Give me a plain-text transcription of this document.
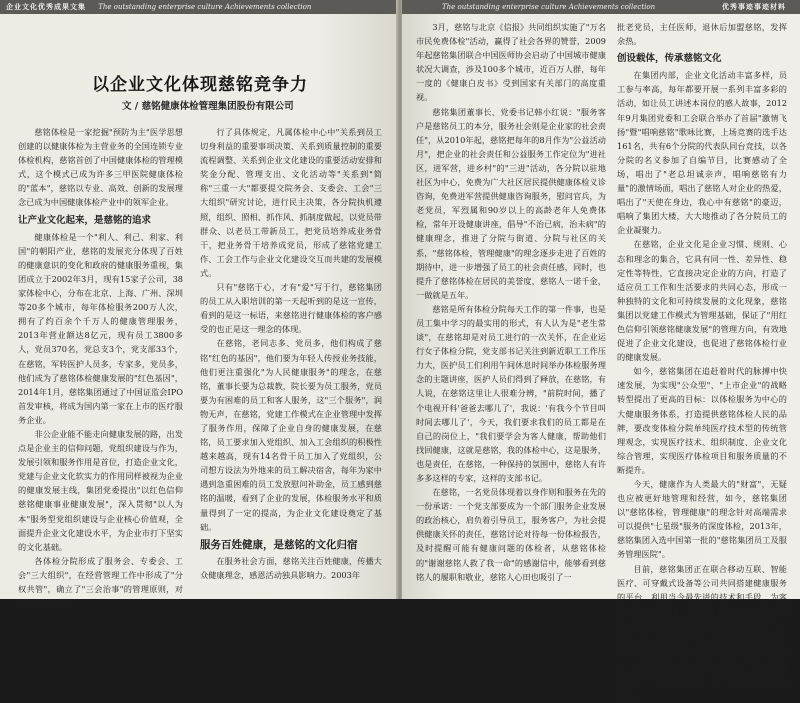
企业文化优秀成果文集 The outstanding enterprise culture Achievements collection
以企业文化体现慈铭竞争力
文 / 慈铭健康体检管理集团股份有限公司

慈铭体检是一家挖掘"预防为主"医学思想创建的以健康体检为主营业务的全国连锁专业体检机构，慈铭首创了中国健康体检的管理模式，这个模式已成为许多三甲医院健康体检的"蓝本"，慈铭以专业、高效、创新的发展理念已成为中国健康体检产业中的领军企业。

让产业文化起来，是慈铭的追求

健康体检是一个"利人、利己、利家、利国"的朝阳产业，慈铭的发展充分体现了百姓的健康意识的变化和政府的健康服务重视，集团成立于2002年3月，现有15家子公司，38家体检中心，分布在北京、上海、广州、深圳等20多个城市，每年体检服务200万人次，拥有了约百余个千万人的健康管理服务，2013年营业额达8亿元，现有员工3800多人，党员370名，党总支3个，党支部33个，在慈铭，军转医护人员多，专家多，党员多，他们成为了慈铭体检健康发展的"红色基因"，2014年1月，慈铭集团通过了中国证监会IPO首发审核，将成为国内第一家在上市的医疗服务企业。

非公企业能不能走向健康发展的路，出发点是企业主的信仰问题，党组织建设与作为，发展引领和服务作用是首位，打造企业文化，党建与企业文化软实力的作用同样被视为企业的健康发展主线，集团党委提出"以红色信仰慈铭健康事业健康发展"，深入贯彻"以人为本"服务型党组织建设与企业核心价值观，全面提升企业文化建设水平，为企业市打下坚实的文化基础。

各体检分院形成了服务会、专委会、工会"三大组织"，在经营管理工作中形成了"分权共管"，确立了"三会治事"的管理原则，对管理的有义进

行了具体规定，凡属体检中心中"关系到员工切身利益的重要事项决策、关系到质量控制的重要流程调整、关系到企业文化建设的重要活动安排和奖金分配、管理支出、文化活动等"关系到"简称"三重一大"都要提交院务会、支委会、工会"三大组织"研究讨论，进行民主决策，各分院执机遵照，组织、照相、抓作风、抓制度做起，以党员带群众、以老员工带新员工，把党员培养成业务骨干，把业务骨干培养成党员，形成了慈铭党建工作、工会工作与企业文化建设交互而共建的发展模式。

只有"慈铭于心，才有"爱"写于行，慈铭集团的员工从入职培训的第一天起听到的是这一宣传，看到的是这一标语，来慈铭进行健康体检的客户感受的也正是这一理念的体现。

在慈铭，老同志多、党员多，他们构成了慈铭"红色的基因"，他们要为年轻人传授业务技能，他们更注重强化"为人民健康服务"的理念，在慈铭，董事长要为总裁教，院长要为员工服务，党员要为有困难的员工和客人服务，这"三个服务"，润物无声，在慈铭，党建工作模式在企业管理中发挥了服务作用，保障了企业自身的健康发展，在慈铭，员工要求加入党组织、加入工会组织的积极性越来越高，现有14名骨干员工加入了党组织，公司想方设法为外地来的员工解决宿舍，每年为家中遇到急重困难的员工发放慰问补助金，员工感到慈铭的温暖，看到了企业的发展，体检服务水平和质量得到了一定的提高，为企业文化建设奠定了基础。

服务百姓健康，是慈铭的文化归宿

在服务社会方面，慈铭关注百姓健康，传播大众健康理念，感恩活动独具影响力。2003年

The outstanding enterprise culture Achievements collection	优秀事迹事迹材料

3月，慈铭与北京《信报》共同组织实施了"万名市民免费体检"活动，赢得了社会各界的赞誉，2009年起慈铭集团联合中国医师协会启动了中国城市健康状况大调查，涉及100多个城市，近百万人群，每年一度的《健康白皮书》受到国家有关部门的高度重视。

慈铭集团董事长、党委书记韩小红说："服务客户是慈铭员工的本分，服务社会则是企业家的社会责任"，从2010年起，慈铭把每年的8月作为"公益活动月"，把企业的社会责任和公益服务工作定位为"进社区，进军营，进乡村"的"三进"活动，各分院以驻地社区为中心，免费为广大社区居民提供健康体检义诊咨询，免费进军营提供健康咨询服务，慰问官兵，为老党员，军烈属和90岁以上的高龄老年人免费体检，常年开设健康讲座，倡导"不治已病，治未病"的健康理念，推进了分院与街道、分院与社区的关系，"慈铭体检，管理健康"的理念逐步走进了百姓的期待中，进一步增强了员工的社会责任感，同时，也提升了慈铭体检在居民的美誉度，慈铭人一诺千金，一做就是五年。

慈铭是所有体检分院每天工作的第一件事，也是员工集中学习的最实用的形式，有人认为是"老生常谈"，在慈铭却是对员工进行的一次关怀，在企业运行女子体检分院，党支部书记关注到新近职工工作压力大，医护员工们利用午间休息时间举办体检服务理念的主题讲座，医护人员们得到了释放，在慈铭，有人说，在慈铭这里让人很难分辨，"前院时间，播了个电视开科'爸爸去哪儿了'，我说：'有我今个节目叫时间去哪儿了'，今天，我们要求我们的员工都是在自己的岗位上，"我们要学会为客人健康，帮助他们找回健康，这就是慈铭，我的体检中心，这是服务，也是责任，在慈铭，一种保持的氛围中，慈铭人有许多多这样的专家，这样的支部书记。

在慈铭，一名党员体现着以身作则和服务在先的一份承诺：一个党支部要成为一个部门服务企业发展的政治核心，肩负着引导员工，服务客户，为社会提供健康关怀的责任，慈铭讨论对待每一份体检报告，及时提醒可能有健康问题的体检者，从慈铭体检的"谢谢慈铭人救了我一命"的感谢信中，能够看到慈铭人的履职和敬业，慈铭人心田也吸引了一

批老党员，主任医师，退休后加盟慈铭，发挥余热。

创设载体，传承慈铭文化

在集团内部，企业文化活动丰富多样，员工参与率高，每年都要开展一系列丰富多彩的活动，如让员工讲述本岗位的感人故事，2012年9月集团党委和工会联合举办了首届"激情飞扬"暨"唱响慈铭"歌咏比赛，上场竞赛的选手达161名，共有6个分院的代表队同台竞技，以各分院的名义参加了自编节目，比赛感动了全场，唱出了"老总坦诚亲声，唱响慈铭有力量"的激情场面，唱出了慈铭人对企业的热爱，唱出了"天使在身边，我心中有慈铭"的豪迈，唱响了集团大楼，大大地推动了各分院员工的企业凝聚力。

在慈铭，企业文化是企业习惯、规则、心态和理念的集合，它具有同一性、差异性、稳定性等特性，它直接决定企业的方向，打造了适应员工工作和生活要求的共同心态，形成一种独特的文化和可持续发展的文化现象，慈铭集团以党建工作模式为管理基础，保证了"用红色信仰引领慈铭健康发展"的管理方向，有效地促进了企业文化建设，也促进了慈铭体检行业的健康发展。

如今，慈铭集团在追赶着时代的脉搏中快速发展，为实现"公众型"、"上市企业"的战略转型提出了更高的目标：以体检服务为中心的大健康服务体系，打造提供慈铭体检人民的品牌，要改变体检分院单纯医疗技术型的传统管理观念，实现医疗技术、组织制度、企业文化综合管理，实现医疗体检项目和服务质量的不断提升。

今天，健康作为人类最大的"财富"，无疑也应被更好地管理和经营，如今，慈铭集团以"慈铭体检，管理健康"的理念针对高端需求可以提供"七星级"服务的深度体检，2013年，慈铭集团入选中国第一批的"慈铭集团员工及服务管理医院"。

目前，慈铭集团正在联合移动互联、智能医疗、可穿戴式设备等公司共同搭建健康服务的平台，利用当今最先进的技术和手段，为客户提供体检服务，使之成为新的健康管理模式，并连续有效地推动慈铭健康集团在国内一流的健康服务管理，实现慈铭人"以慈悲之心守护大众健康"的梦想，为国内百姓健康管理需求，力促商业医疗保险在中国推广，使百姓健康服务能够更加人性化，更能发挥慈铭集团的优势。
